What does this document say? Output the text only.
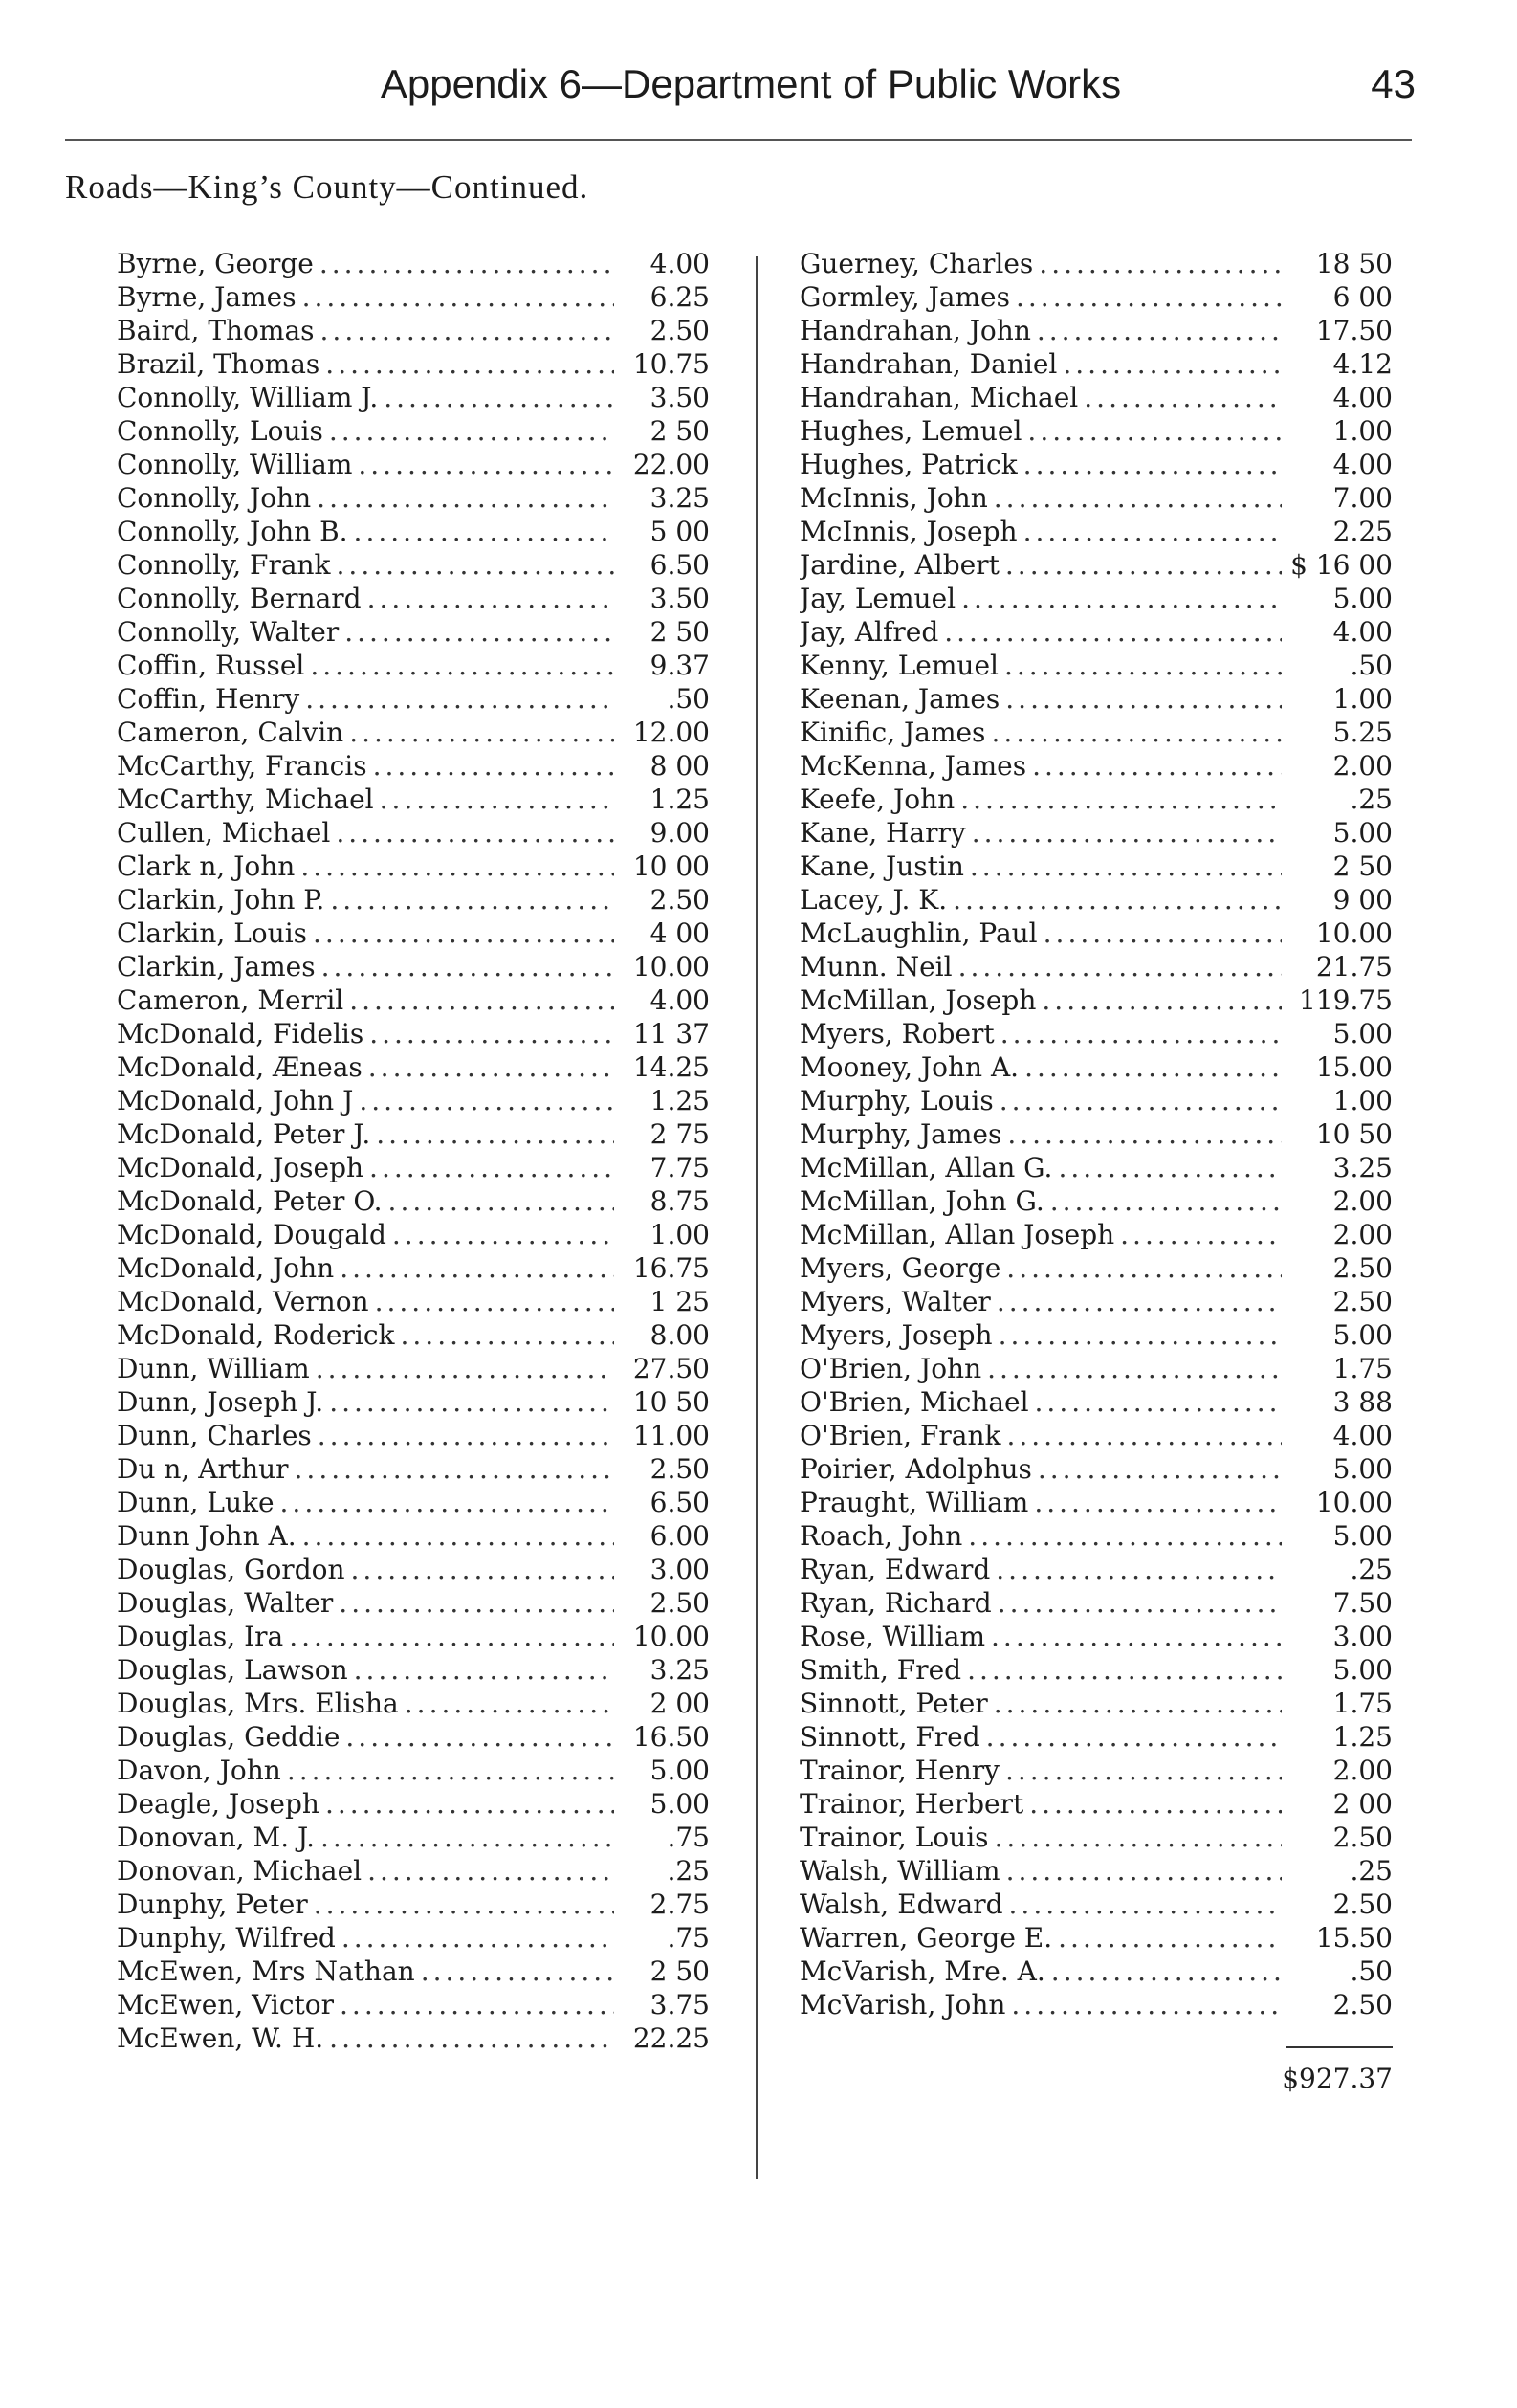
Appendix 6—Department of Public Works	43
Roads—King’s County—Continued.
Byrne, George .....	4.00
Byrne, James .....	6.25
Baird, Thomas .....	2.50
Brazil, Thomas .....	10.75
Connolly, William J. .....	3.50
Connolly, Louis .....	2 50
Connolly, William .....	22.00
Connolly, John .....	3.25
Connolly, John B. .....	5 00
Connolly, Frank .....	6.50
Connolly, Bernard .....	3.50
Connolly, Walter .....	2 50
Coffin, Russel .....	9.37
Coffin, Henry .....	.50
Cameron, Calvin .....	12.00
McCarthy, Francis .....	8 00
McCarthy, Michael .....	1.25
Cullen, Michael .....	9.00
Clark n, John .....	10 00
Clarkin, John P. .....	2.50
Clarkin, Louis .....	4 00
Clarkin, James .....	10.00
Cameron, Merril .....	4.00
McDonald, Fidelis .....	11 37
McDonald, Æneas .....	14.25
McDonald, John J .....	1.25
McDonald, Peter J. .....	2 75
McDonald, Joseph .....	7.75
McDonald, Peter O. .....	8.75
McDonald, Dougald .....	1.00
McDonald, John .....	16.75
McDonald, Vernon .....	1 25
McDonald, Roderick .....	8.00
Dunn, William .....	27.50
Dunn, Joseph J. .....	10 50
Dunn, Charles .....	11.00
Du n, Arthur .....	2.50
Dunn, Luke .....	6.50
Dunn John A. .....	6.00
Douglas, Gordon .....	3.00
Douglas, Walter .....	2.50
Douglas, Ira .....	10.00
Douglas, Lawson .....	3.25
Douglas, Mrs. Elisha .....	2 00
Douglas, Geddie .....	16.50
Davon, John .....	5.00
Deagle, Joseph .....	5.00
Donovan, M. J. .....	.75
Donovan, Michael .....	.25
Dunphy, Peter .....	2.75
Dunphy, Wilfred .....	.75
McEwen, Mrs Nathan .....	2 50
McEwen, Victor .....	3.75
McEwen, W. H. .....	22.25
Guerney, Charles .....	18 50
Gormley, James .....	6 00
Handrahan, John .....	17.50
Handrahan, Daniel .....	4.12
Handrahan, Michael .....	4.00
Hughes, Lemuel .....	1.00
Hughes, Patrick .....	4.00
McInnis, John .....	7.00
McInnis, Joseph .....	2.25
Jardine, Albert .....	$ 16 00
Jay, Lemuel .....	5.00
Jay, Alfred .....	4.00
Kenny, Lemuel .....	.50
Keenan, James .....	1.00
Kinific, James .....	5.25
McKenna, James .....	2.00
Keefe, John .....	.25
Kane, Harry .....	5.00
Kane, Justin .....	2 50
Lacey, J. K. .....	9 00
McLaughlin, Paul .....	10.00
Munn. Neil .....	21.75
McMillan, Joseph .....	119.75
Myers, Robert .....	5.00
Mooney, John A. .....	15.00
Murphy, Louis .....	1.00
Murphy, James .....	10 50
McMillan, Allan G. .....	3.25
McMillan, John G. .....	2.00
McMillan, Allan Joseph .....	2.00
Myers, George .....	2.50
Myers, Walter .....	2.50
Myers, Joseph .....	5.00
O'Brien, John .....	1.75
O'Brien, Michael .....	3 88
O'Brien, Frank .....	4.00
Poirier, Adolphus .....	5.00
Praught, William .....	10.00
Roach, John .....	5.00
Ryan, Edward .....	.25
Ryan, Richard .....	7.50
Rose, William .....	3.00
Smith, Fred .....	5.00
Sinnott, Peter .....	1.75
Sinnott, Fred .....	1.25
Trainor, Henry .....	2.00
Trainor, Herbert .....	2 00
Trainor, Louis .....	2.50
Walsh, William .....	.25
Walsh, Edward .....	2.50
Warren, George E. .....	15.50
McVarish, Mre. A. .....	.50
McVarish, John .....	2.50
$927.37
